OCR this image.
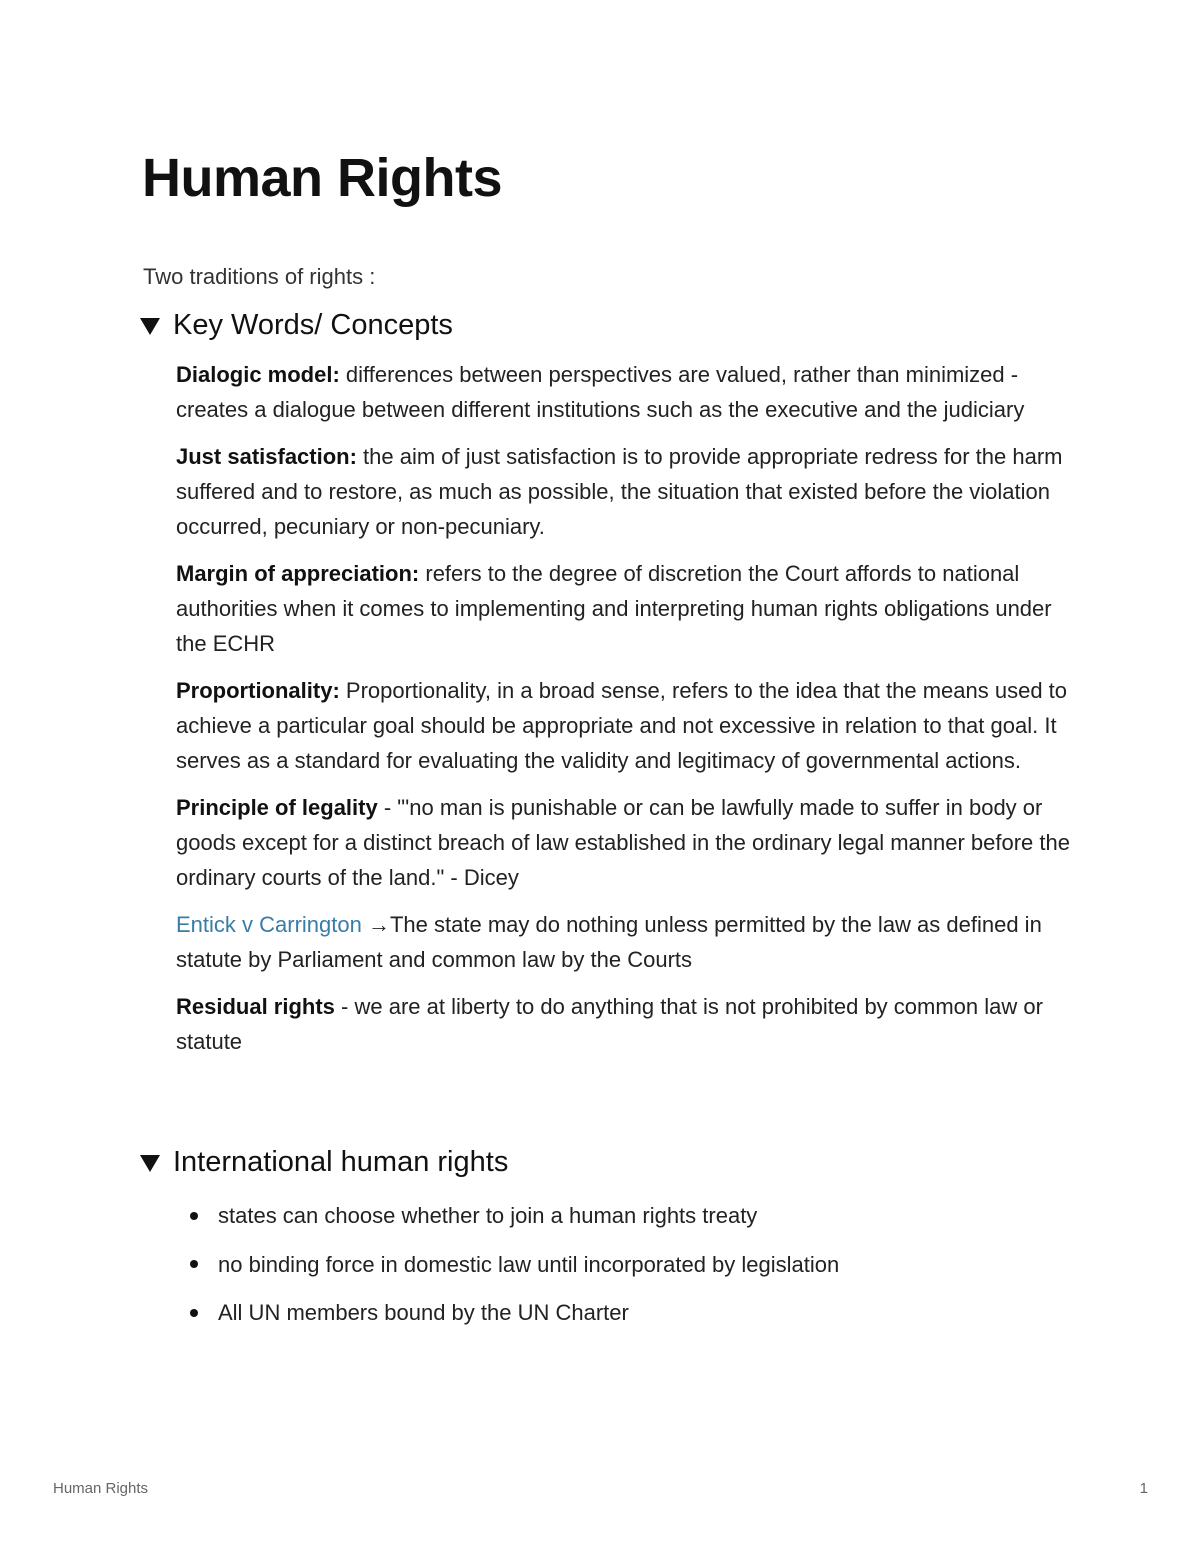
Human Rights

Two traditions of rights :

Key Words/ Concepts

Dialogic model: differences between perspectives are valued, rather than minimized - creates a dialogue between different institutions such as the executive and the judiciary

Just satisfaction: the aim of just satisfaction is to provide appropriate redress for the harm suffered and to restore, as much as possible, the situation that existed before the violation occurred, pecuniary or non-pecuniary.

Margin of appreciation: refers to the degree of discretion the Court affords to national authorities when it comes to implementing and interpreting human rights obligations under the ECHR

Proportionality: Proportionality, in a broad sense, refers to the idea that the means used to achieve a particular goal should be appropriate and not excessive in relation to that goal. It serves as a standard for evaluating the validity and legitimacy of governmental actions.

Principle of legality - "'no man is punishable or can be lawfully made to suffer in body or goods except for a distinct breach of law established in the ordinary legal manner before the ordinary courts of the land." - Dicey

Entick v Carrington →The state may do nothing unless permitted by the law as defined in statute by Parliament and common law by the Courts

Residual rights - we are at liberty to do anything that is not prohibited by common law or statute

International human rights
states can choose whether to join a human rights treaty
no binding force in domestic law until incorporated by legislation
All UN members bound by the UN Charter
Human Rights	1
